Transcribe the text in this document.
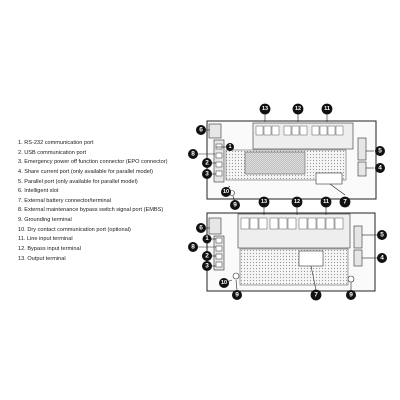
1. RS-232 communication port
2. USB communication port
3. Emergency power off function connector (EPO connector)
4. Share current port (only available for parallel model)
5. Parallel port (only available for parallel model)
6. Intelligent slot
7. External battery connector/terminal
8. External maintenance bypass switch signal port (EMBS)
9. Grounding terminal
10. Dry contact communication port (optional)
11. Line input terminal
12. Bypass input terminal
13. Output terminal
13	12	11
6
8
2
3
10
9	7
5
4
1
13	12	11
6
1
8
2
3
10
9	7	9
5
4
